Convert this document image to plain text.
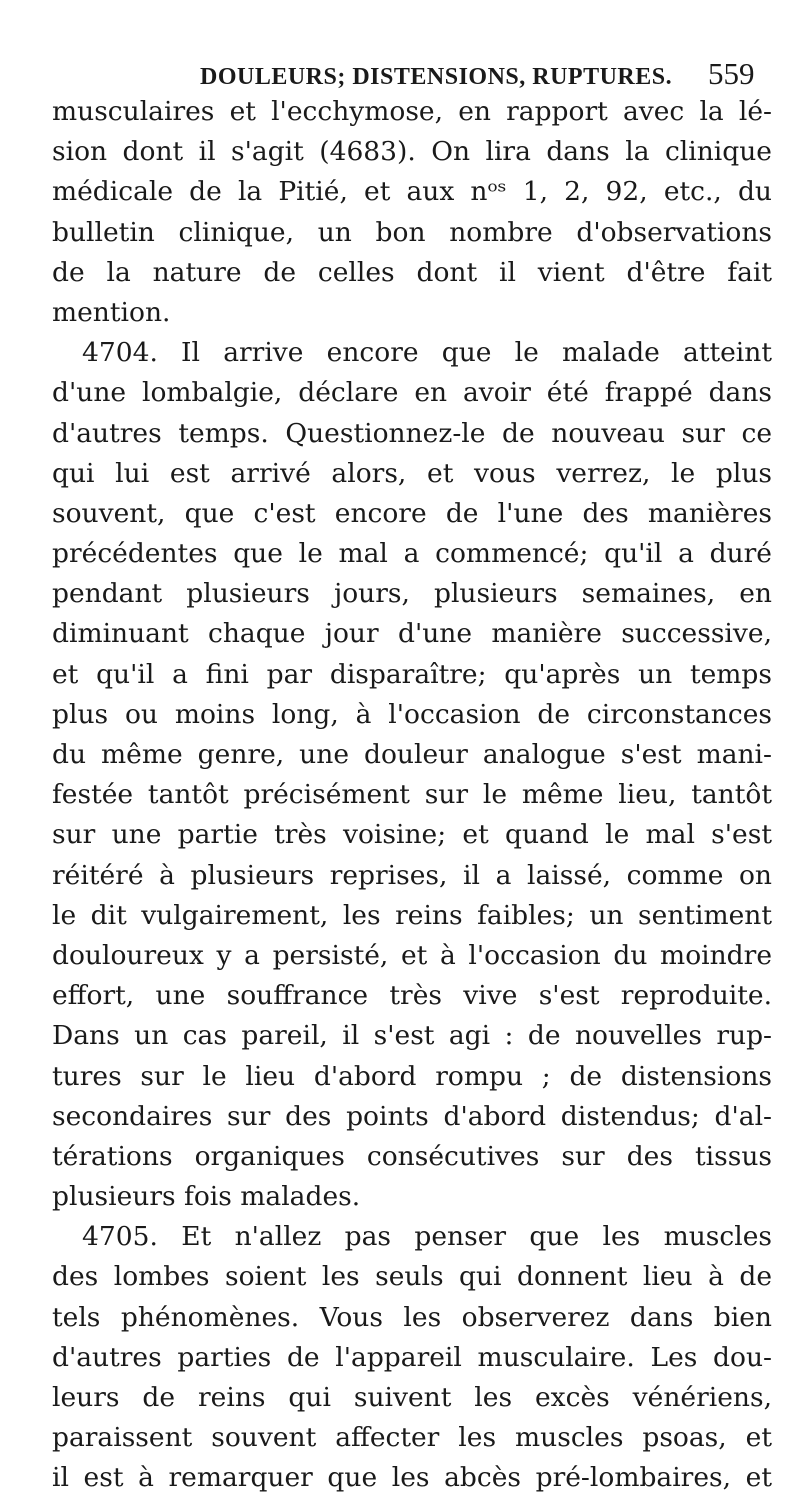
DOULEURS; DISTENSIONS, RUPTURES. 559
musculaires et l'ecchymose, en rapport avec la lé-
sion dont il s'agit (4683). On lira dans la clinique
médicale de la Pitié, et aux nᵒˢ 1, 2, 92, etc., du
bulletin clinique, un bon nombre d'observations
de la nature de celles dont il vient d'être fait
mention.
4704. Il arrive encore que le malade atteint
d'une lombalgie, déclare en avoir été frappé dans
d'autres temps. Questionnez-le de nouveau sur ce
qui lui est arrivé alors, et vous verrez, le plus
souvent, que c'est encore de l'une des manières
précédentes que le mal a commencé; qu'il a duré
pendant plusieurs jours, plusieurs semaines, en
diminuant chaque jour d'une manière successive,
et qu'il a fini par disparaître; qu'après un temps
plus ou moins long, à l'occasion de circonstances
du même genre, une douleur analogue s'est mani-
festée tantôt précisément sur le même lieu, tantôt
sur une partie très voisine; et quand le mal s'est
réitéré à plusieurs reprises, il a laissé, comme on
le dit vulgairement, les reins faibles; un sentiment
douloureux y a persisté, et à l'occasion du moindre
effort, une souffrance très vive s'est reproduite.
Dans un cas pareil, il s'est agi : de nouvelles rup-
tures sur le lieu d'abord rompu ; de distensions
secondaires sur des points d'abord distendus; d'al-
térations organiques consécutives sur des tissus
plusieurs fois malades.
4705. Et n'allez pas penser que les muscles
des lombes soient les seuls qui donnent lieu à de
tels phénomènes. Vous les observerez dans bien
d'autres parties de l'appareil musculaire. Les dou-
leurs de reins qui suivent les excès vénériens,
paraissent souvent affecter les muscles psoas, et
il est à remarquer que les abcès pré-lombaires, et
